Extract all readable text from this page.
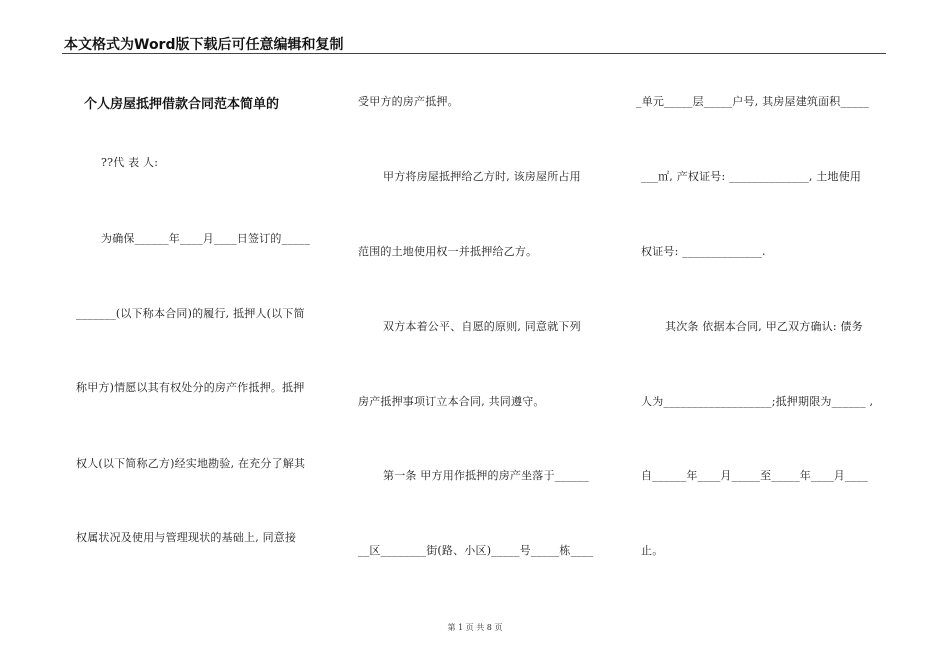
本文格式为Word版下载后可任意编辑和复制
个人房屋抵押借款合同范本简单的
??代 表 人:
为确保______年____月____日签订的_____
_______(以下称本合同)的履行, 抵押人(以下简
称甲方)情愿以其有权处分的房产作抵押。抵押
权人(以下简称乙方)经实地勘验, 在充分了解其
权属状况及使用与管理现状的基础上, 同意接
受甲方的房产抵押。
甲方将房屋抵押给乙方时, 该房屋所占用
范围的土地使用权一并抵押给乙方。
双方本着公平、自愿的原则, 同意就下列
房产抵押事项订立本合同, 共同遵守。
第一条 甲方用作抵押的房产坐落于______
__区________街(路、小区)_____号_____栋____
_单元_____层_____户号, 其房屋建筑面积_____
___㎡, 产权证号: ______________, 土地使用
权证号: ______________.
其次条 依据本合同, 甲乙双方确认: 债务
人为___________________;抵押期限为______ ,
自______年____月_____至_____年____月____
止。
第 1 页 共 8 页
